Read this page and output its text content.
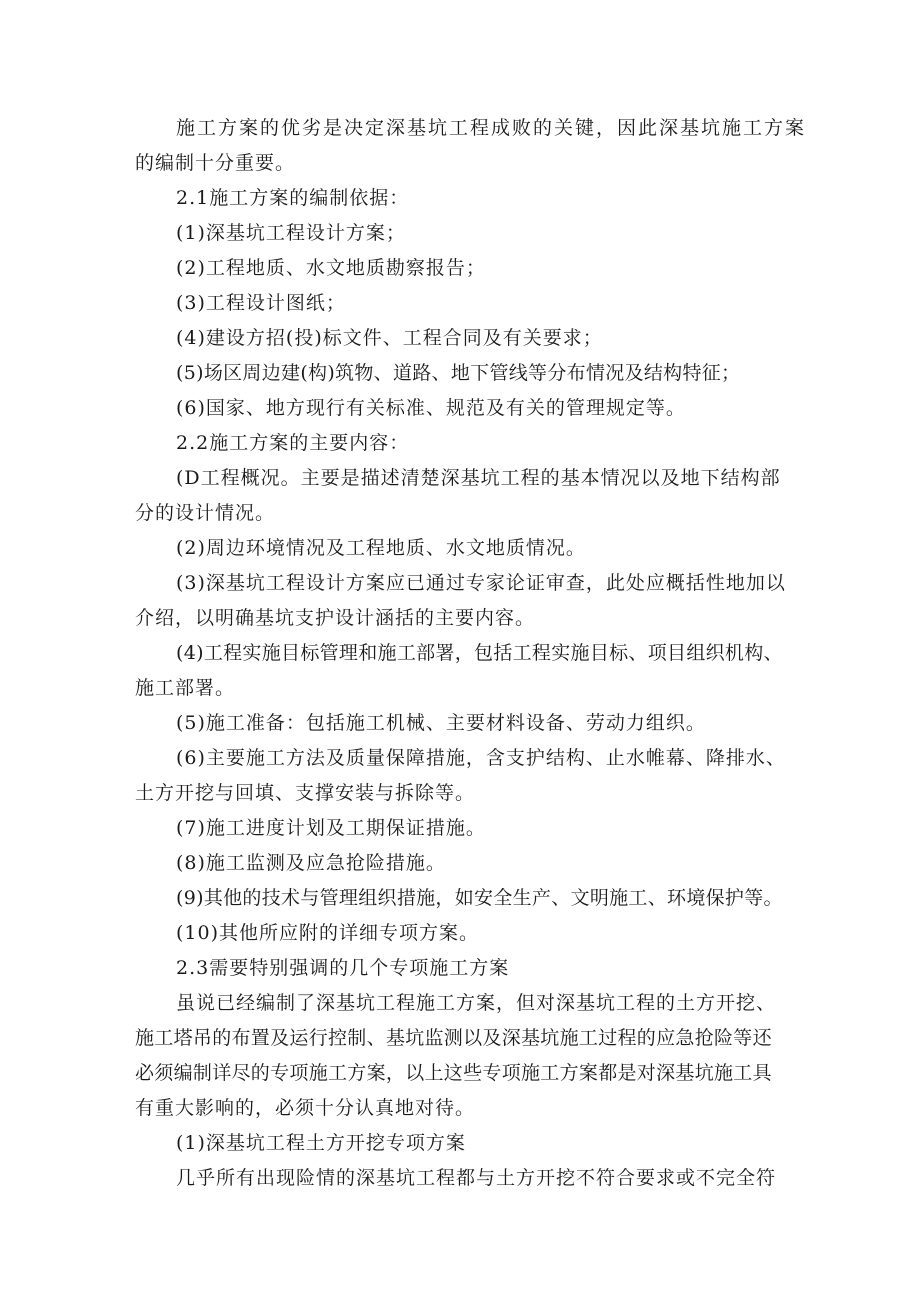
施工方案的优劣是决定深基坑工程成败的关键，因此深基坑施工方案
的编制十分重要。
2.1施工方案的编制依据：
(1)深基坑工程设计方案；
(2)工程地质、水文地质勘察报告；
(3)工程设计图纸；
(4)建设方招(投)标文件、工程合同及有关要求；
(5)场区周边建(构)筑物、道路、地下管线等分布情况及结构特征；
(6)国家、地方现行有关标准、规范及有关的管理规定等。
2.2施工方案的主要内容：
(D工程概况。主要是描述清楚深基坑工程的基本情况以及地下结构部
分的设计情况。
(2)周边环境情况及工程地质、水文地质情况。
(3)深基坑工程设计方案应已通过专家论证审查，此处应概括性地加以
介绍，以明确基坑支护设计涵括的主要内容。
(4)工程实施目标管理和施工部署，包括工程实施目标、项目组织机构、
施工部署。
(5)施工准备：包括施工机械、主要材料设备、劳动力组织。
(6)主要施工方法及质量保障措施，含支护结构、止水帷幕、降排水、
土方开挖与回填、支撑安装与拆除等。
(7)施工进度计划及工期保证措施。
(8)施工监测及应急抢险措施。
(9)其他的技术与管理组织措施，如安全生产、文明施工、环境保护等。
(10)其他所应附的详细专项方案。
2.3需要特别强调的几个专项施工方案
虽说已经编制了深基坑工程施工方案，但对深基坑工程的土方开挖、
施工塔吊的布置及运行控制、基坑监测以及深基坑施工过程的应急抢险等还
必须编制详尽的专项施工方案，以上这些专项施工方案都是对深基坑施工具
有重大影响的，必须十分认真地对待。
(1)深基坑工程土方开挖专项方案
几乎所有出现险情的深基坑工程都与土方开挖不符合要求或不完全符
